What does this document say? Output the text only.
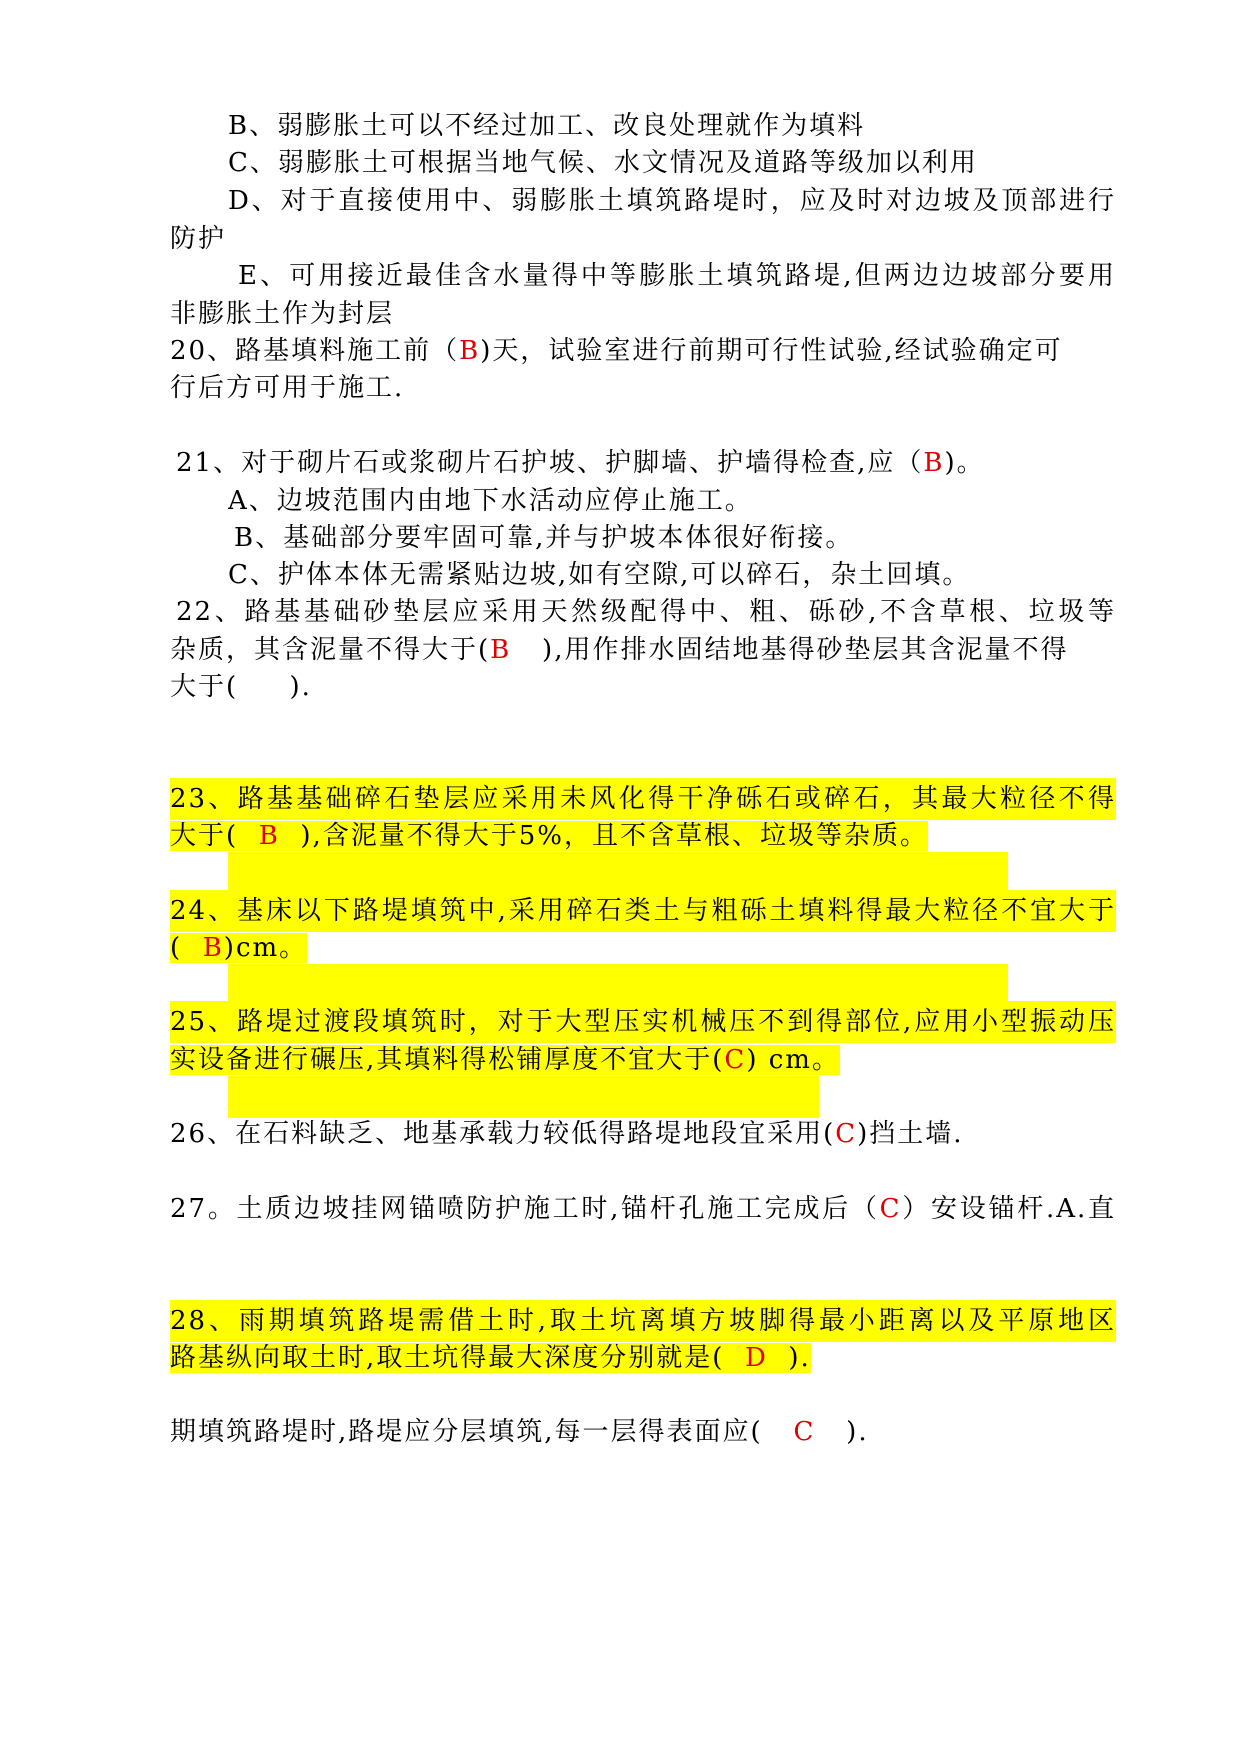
B、弱膨胀土可以不经过加工、改良处理就作为填料
C、弱膨胀土可根据当地气候、水文情况及道路等级加以利用
D、对于直接使用中、弱膨胀土填筑路堤时，应及时对边坡及顶部进行
防护
E、可用接近最佳含水量得中等膨胀土填筑路堤,但两边边坡部分要用
非膨胀土作为封层
20、路基填料施工前（B)天，试验室进行前期可行性试验,经试验确定可
行后方可用于施工.

21、对于砌片石或浆砌片石护坡、护脚墙、护墙得检查,应（B)。
A、边坡范围内由地下水活动应停止施工。
B、基础部分要牢固可靠,并与护坡本体很好衔接。
C、护体本体无需紧贴边坡,如有空隙,可以碎石，杂土回填。
22、路基基础砂垫层应采用天然级配得中、粗、砾砂,不含草根、垃圾等
杂质，其含泥量不得大于(B   ),用作排水固结地基得砂垫层其含泥量不得
大于(     ).

23、路基基础碎石垫层应采用未风化得干净砾石或碎石，其最大粒径不得
大于(  B  ),含泥量不得大于5%，且不含草根、垃圾等杂质。

24、基床以下路堤填筑中,采用碎石类土与粗砾土填料得最大粒径不宜大于
(  B)cm。

25、路堤过渡段填筑时，对于大型压实机械压不到得部位,应用小型振动压
实设备进行碾压,其填料得松铺厚度不宜大于(C) cm。

26、在石料缺乏、地基承载力较低得路堤地段宜采用(C)挡土墙.

27。土质边坡挂网锚喷防护施工时,锚杆孔施工完成后（C）安设锚杆.A.直

28、雨期填筑路堤需借土时,取土坑离填方坡脚得最小距离以及平原地区
路基纵向取土时,取土坑得最大深度分别就是(  D  ).

期填筑路堤时,路堤应分层填筑,每一层得表面应(   C   ).
